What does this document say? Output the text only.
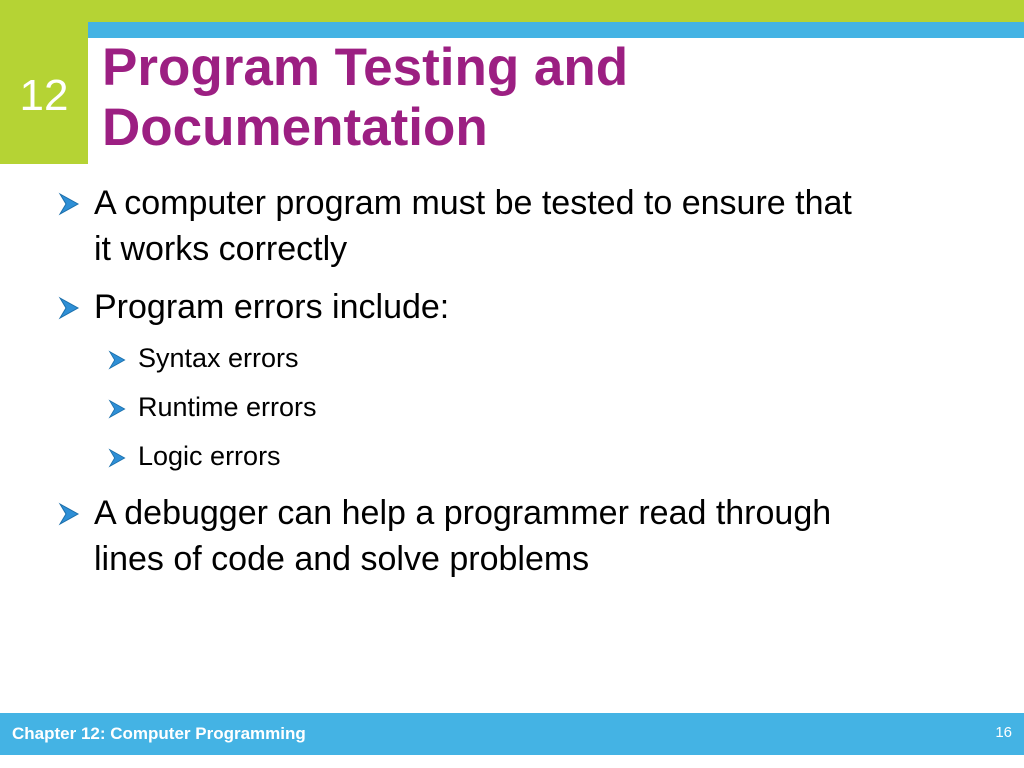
12 Program Testing and
Documentation
A computer program must be tested to ensure that
it works correctly
Program errors include:
Syntax errors
Runtime errors
Logic errors
A debugger can help a programmer read through
lines of code and solve problems
Chapter 12: Computer Programming	16
